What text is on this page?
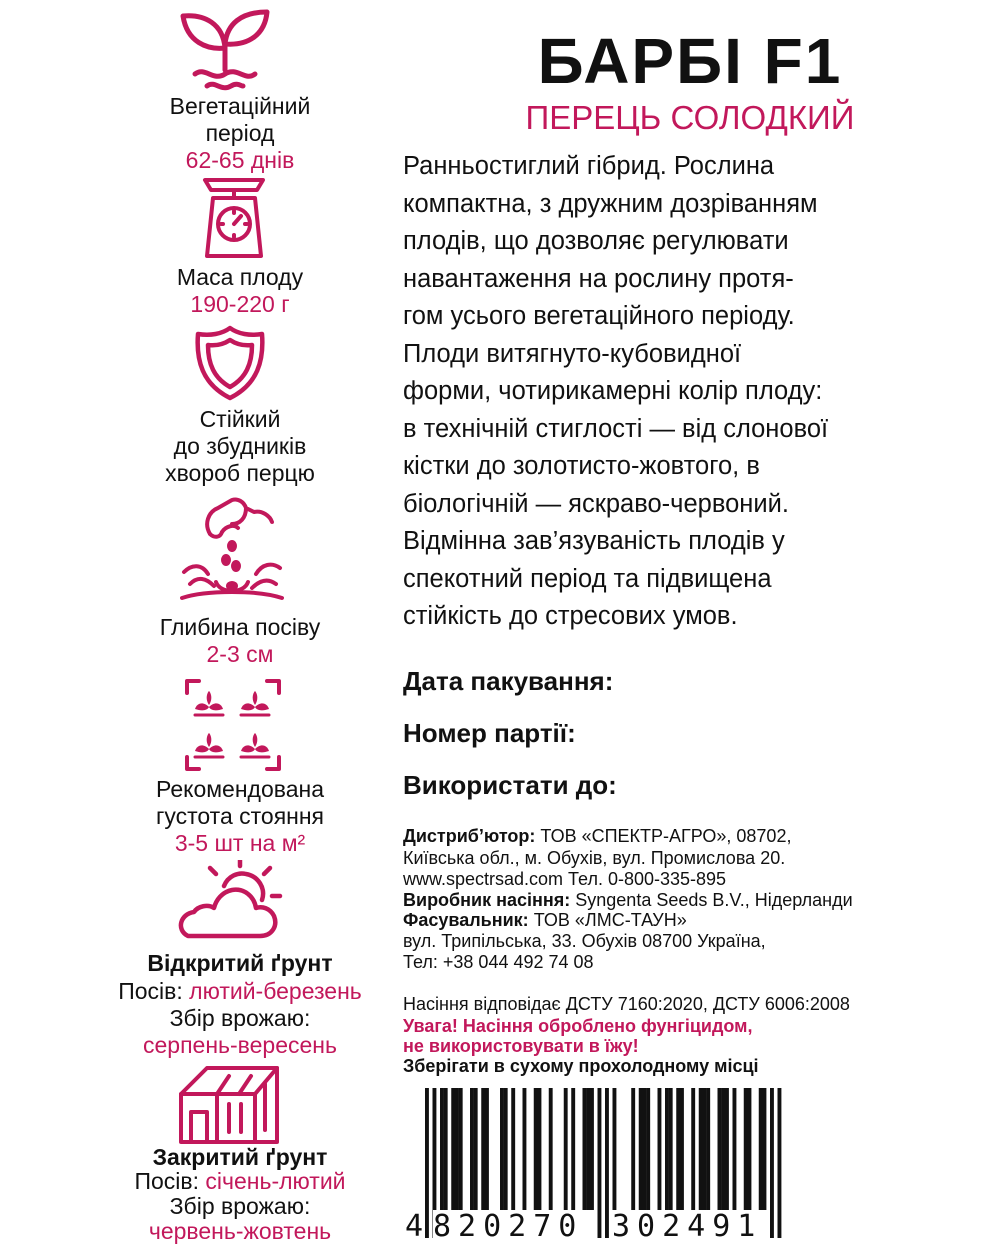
Вегетаційний
період
62-65 днів
Маса плоду
190-220 г
Стійкий
до збудників
хвороб перцю
Глибина посіву
2-3 см
Рекомендована
густота стояння
3-5 шт на м²
Відкритий ґрунт
Посів: лютий-березень
Збір врожаю:
серпень-вересень
Закритий ґрунт
Посів: січень-лютий
Збір врожаю:
червень-жовтень
БАРБІ F1
ПЕРЕЦЬ СОЛОДКИЙ
Ранньостиглий гібрид. Рослина
компактна, з дружним дозріванням
плодів, що дозволяє регулювати
навантаження на рослину протя-
гом усього вегетаційного періоду.
Плоди витягнуто-кубовидної
форми, чотирикамерні колір плоду:
в технічній стиглості — від слонової
кістки до золотисто-жовтого, в
біологічній — яскраво-червоний.
Відмінна зав’язуваність плодів у
спекотний період та підвищена
стійкість до стресових умов.
Дата пакування:
Номер партії:
Використати до:
Дистриб’ютор: ТОВ «СПЕКТР-АГРО», 08702,
Київська обл., м. Обухів, вул. Промислова 20.
www.spectrsad.com Тел. 0-800-335-895
Виробник насіння: Syngenta Seeds B.V., Нідерланди
Фасувальник: ТОВ «ЛМС-ТАУН»
вул. Трипільська, 33. Обухів 08700 Україна,
Тел: +38 044 492 74 08
Насіння відповідає ДСТУ 7160:2020, ДСТУ 6006:2008
Увага! Насіння оброблено фунгіцидом,
не використовувати в їжу!
Зберігати в сухому прохолодному місці
4 820270 302491
